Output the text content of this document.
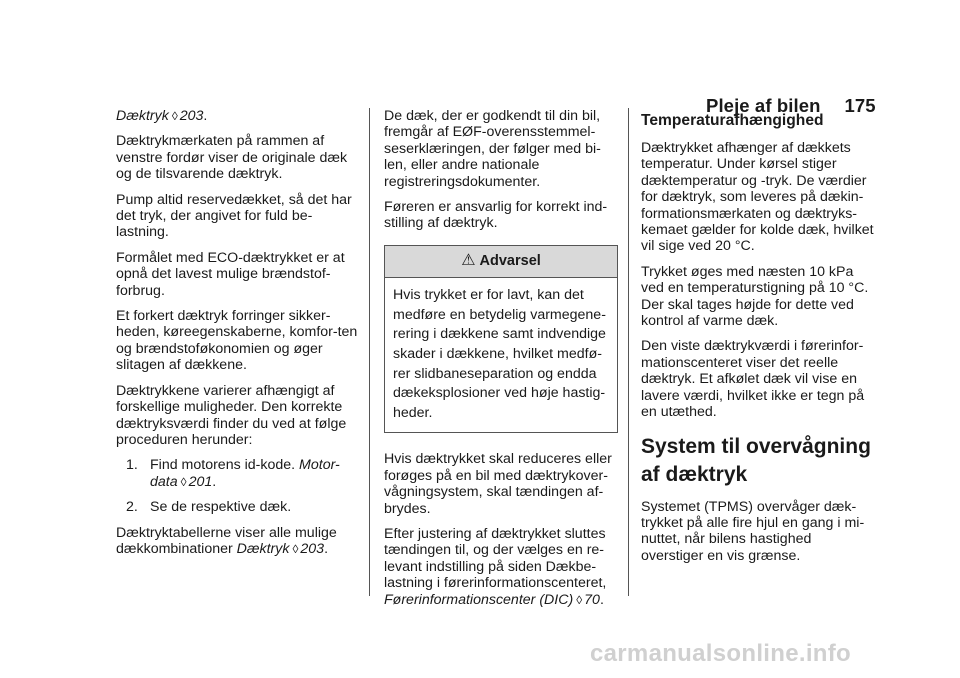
Pleje af bilen 175

Dæktryk ◊ 203.

Dæktrykmærkaten på rammen af venstre fordør viser de originale dæk og de tilsvarende dæktryk.

Pump altid reservedækket, så det har det tryk, der angivet for fuld be-lastning.

Formålet med ECO-dæktrykket er at opnå det lavest mulige brændstof-forbrug.

Et forkert dæktryk forringer sikker-heden, køreegenskaberne, komfor-ten og brændstoføkonomien og øger slitagen af dækkene.

Dæktrykkene varierer afhængigt af forskellige muligheder. Den korrekte dæktryksværdi finder du ved at følge proceduren herunder:

1. Find motorens id-kode. Motor-data ◊ 201.
2. Se de respektive dæk.

Dæktryktabellerne viser alle mulige dækkombinationer Dæktryk ◊ 203.

De dæk, der er godkendt til din bil, fremgår af EØF-overensstemmel-seserklæringen, der følger med bi-len, eller andre nationale registreringsdokumenter.

Føreren er ansvarlig for korrekt ind-stilling af dæktryk.

⚠ Advarsel
Hvis trykket er for lavt, kan det medføre en betydelig varmegene-rering i dækkene samt indvendige skader i dækkene, hvilket medfø-rer slidbaneseparation og endda dækeksplosioner ved høje hastig-heder.

Hvis dæktrykket skal reduceres eller forøges på en bil med dæktrykover-vågningsystem, skal tændingen af-brydes.

Efter justering af dæktrykket sluttes tændingen til, og der vælges en re-levant indstilling på siden Dækbe-lastning i førerinformationscenteret, Førerinformationscenter (DIC) ◊ 70.

Temperaturafhængighed

Dæktrykket afhænger af dækkets temperatur. Under kørsel stiger dæktemperatur og -tryk. De værdier for dæktryk, som leveres på dækin-formationsmærkaten og dæktryks-kemaet gælder for kolde dæk, hvilket vil sige ved 20 °C.

Trykket øges med næsten 10 kPa ved en temperaturstigning på 10 °C. Der skal tages højde for dette ved kontrol af varme dæk.

Den viste dæktrykværdi i førerinfor-mationscenteret viser det reelle dæktryk. Et afkølet dæk vil vise en lavere værdi, hvilket ikke er tegn på en utæthed.

System til overvågning af dæktryk

Systemet (TPMS) overvåger dæk-trykket på alle fire hjul en gang i mi-nuttet, når bilens hastighed overstiger en vis grænse.

carmanualsonline.info
